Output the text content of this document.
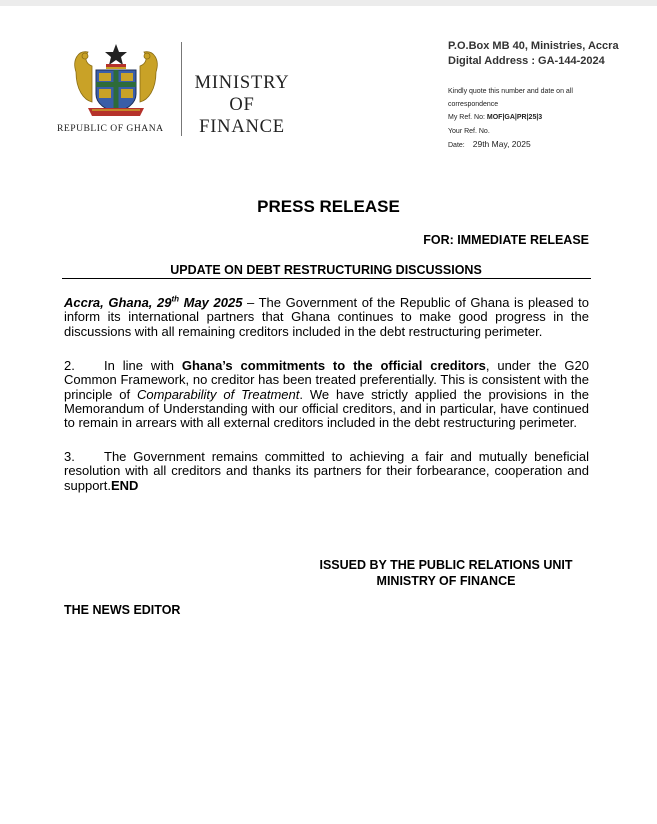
REPUBLIC OF GHANA
MINISTRY
OF
FINANCE
P.O.Box MB 40, Ministries, Accra
Digital Address : GA-144-2024
Kindly quote this number and date on all
correspondence
My Ref. No: MOF|GA|PR|25|3
Your Ref. No.
Date: 29th May, 2025
PRESS RELEASE
FOR: IMMEDIATE RELEASE
UPDATE ON DEBT RESTRUCTURING DISCUSSIONS
Accra, Ghana, 29th May 2025 – The Government of the Republic of Ghana is pleased to inform its international partners that Ghana continues to make good progress in the discussions with all remaining creditors included in the debt restructuring perimeter.
2. In line with Ghana’s commitments to the official creditors, under the G20 Common Framework, no creditor has been treated preferentially. This is consistent with the principle of Comparability of Treatment. We have strictly applied the provisions in the Memorandum of Understanding with our official creditors, and in particular, have continued to remain in arrears with all external creditors included in the debt restructuring perimeter.
3. The Government remains committed to achieving a fair and mutually beneficial resolution with all creditors and thanks its partners for their forbearance, cooperation and support.END
ISSUED BY THE PUBLIC RELATIONS UNIT
MINISTRY OF FINANCE
THE NEWS EDITOR
